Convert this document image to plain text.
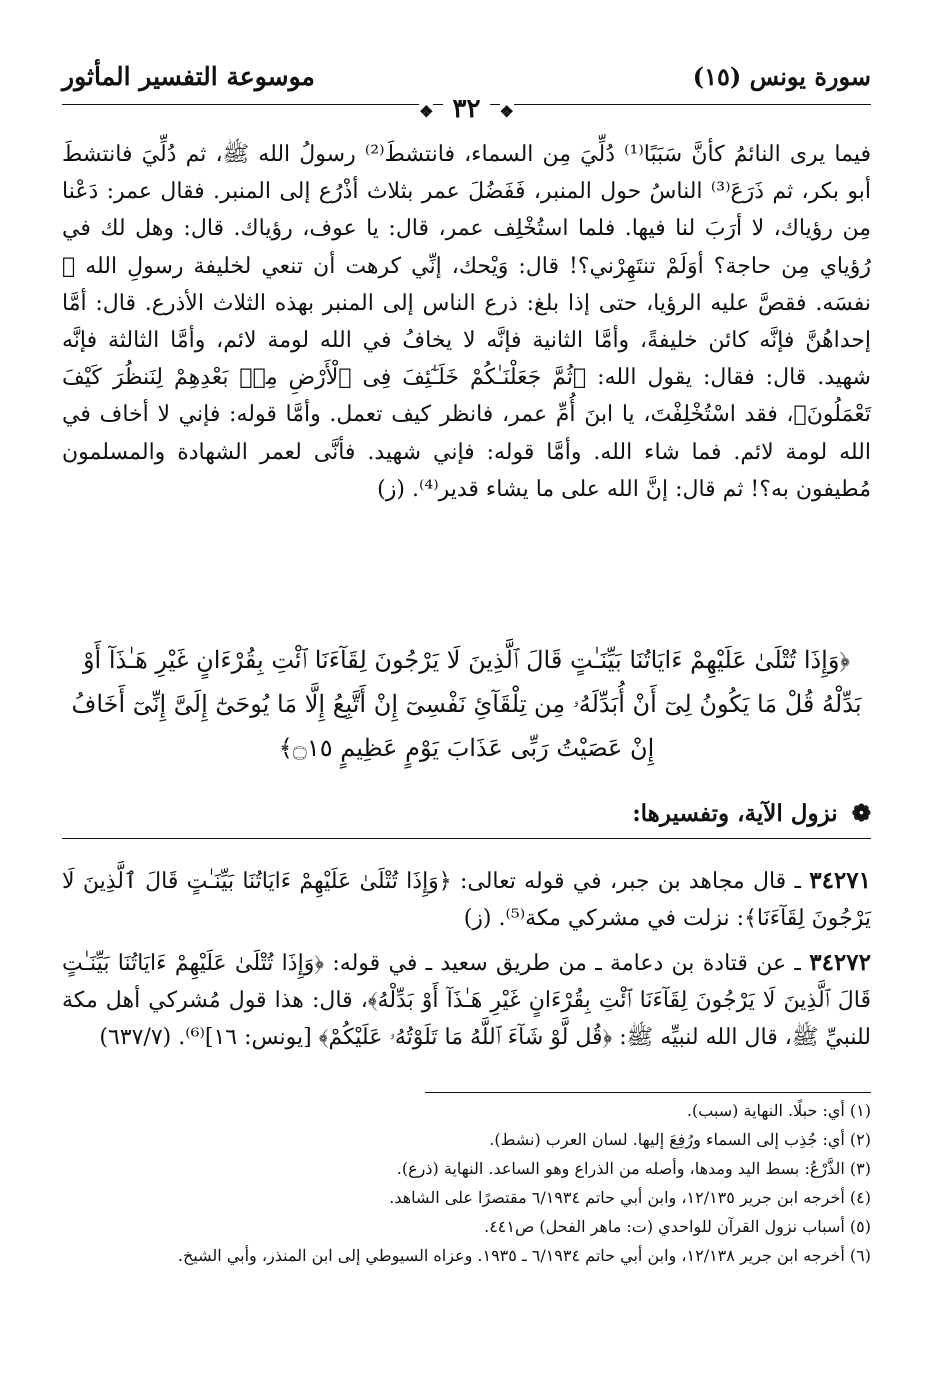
سورة يونس (١٥)
موسوعة التفسير المأثور
❖ ٣٢ ❖
فيما يرى النائمُ كأنَّ سَبَبًا⁽¹⁾ دُلِّيَ مِن السماء، فانتشطَ⁽²⁾ رسولُ الله ﷺ، ثم دُلِّيَ فانتشطَ أبو بكر، ثم ذَرَعَ⁽³⁾ الناسُ حول المنبر، فَفَضُلَ عمر بثلاث أذْرُع إلى المنبر. فقال عمر: دَعْنا مِن رؤياك، لا أرَبَ لنا فيها. فلما استُخْلِف عمر، قال: يا عوف، رؤياك. قال: وهل لك في رُؤياي مِن حاجة؟ أوَلَمْ تنتَهِرْني؟! قال: وَيْحك، إنِّي كرهت أن تنعي لخليفة رسولِ الله ﷺ نفسَه. فقصَّ عليه الرؤيا، حتى إذا بلغ: ذرع الناس إلى المنبر بهذه الثلاث الأذرع. قال: أمَّا إحداهُنَّ فإنَّه كائن خليفةً، وأمَّا الثانية فإنَّه لا يخافُ في الله لومة لائم، وأمَّا الثالثة فإنَّه شهيد. قال: فقال: يقول الله: ﴿ثُمَّ جَعَلْنَـٰكُمْ خَلَـٰٓئِفَ فِى ٱلْأَرْضِ مِنۢ بَعْدِهِمْ لِنَنظُرَ كَيْفَ تَعْمَلُونَ﴾، فقد اسْتُخْلِفْتَ، يا ابنَ أُمِّ عمر، فانظر كيف تعمل. وأمَّا قوله: فإني لا أخاف في الله لومة لائم. فما شاء الله. وأمَّا قوله: فإني شهيد. فأنَّى لعمر الشهادة والمسلمون مُطيفون به؟! ثم قال: إنَّ الله على ما يشاء قدير⁽⁴⁾. (ز)
﴿وَإِذَا تُتْلَىٰ عَلَيْهِمْ ءَايَاتُنَا بَيِّنَـٰتٍ قَالَ ٱلَّذِينَ لَا يَرْجُونَ لِقَآءَنَا ٱئْتِ بِقُرْءَانٍ غَيْرِ هَـٰذَآ أَوْ بَدِّلْهُ قُلْ مَا يَكُونُ لِىٓ أَنْ أُبَدِّلَهُۥ مِن تِلْقَآئِ نَفْسِىٓ إِنْ أَتَّبِعُ إِلَّا مَا يُوحَىٰٓ إِلَىَّ إِنِّىٓ أَخَافُ إِنْ عَصَيْتُ رَبِّى عَذَابَ يَوْمٍ عَظِيمٍ ۝١٥﴾
❁ نزول الآية، وتفسيرها:
٣٤٢٧١ ـ قال مجاهد بن جبر، في قوله تعالى: ﴿وَإِذَا تُتْلَىٰ عَلَيْهِمْ ءَايَاتُنَا بَيِّنَـٰتٍ قَالَ ٱلَّذِينَ لَا يَرْجُونَ لِقَآءَنَا﴾: نزلت في مشركي مكة⁽⁵⁾. (ز)
٣٤٢٧٢ ـ عن قتادة بن دعامة ـ من طريق سعيد ـ في قوله: ﴿وَإِذَا تُتْلَىٰ عَلَيْهِمْ ءَايَاتُنَا بَيِّنَـٰتٍ قَالَ ٱلَّذِينَ لَا يَرْجُونَ لِقَآءَنَا ٱئْتِ بِقُرْءَانٍ غَيْرِ هَـٰذَآ أَوْ بَدِّلْهُ﴾، قال: هذا قول مُشركي أهل مكة للنبيِّ ﷺ، قال الله لنبيِّه ﷺ: ﴿قُل لَّوْ شَآءَ ٱللَّهُ مَا تَلَوْتُهُۥ عَلَيْكُمْ﴾ [يونس: ١٦]⁽⁶⁾. (٦٣٧/٧)
(١) أي: حبلًا. النهاية (سبب).
(٢) أي: جُذِب إلى السماء ورُفِعَ إليها. لسان العرب (نشط).
(٣) الذَّرْعُ: بسط اليد ومدها، وأصله من الذراع وهو الساعد. النهاية (ذرع).
(٤) أخرجه ابن جرير ١٢/١٣٥، وابن أبي حاتم ٦/١٩٣٤ مقتصرًا على الشاهد.
(٥) أسباب نزول القرآن للواحدي (ت: ماهر الفحل) ص٤٤١.
(٦) أخرجه ابن جرير ١٢/١٣٨، وابن أبي حاتم ٦/١٩٣٤ ـ ١٩٣٥. وعزاه السيوطي إلى ابن المنذر، وأبي الشيخ.
